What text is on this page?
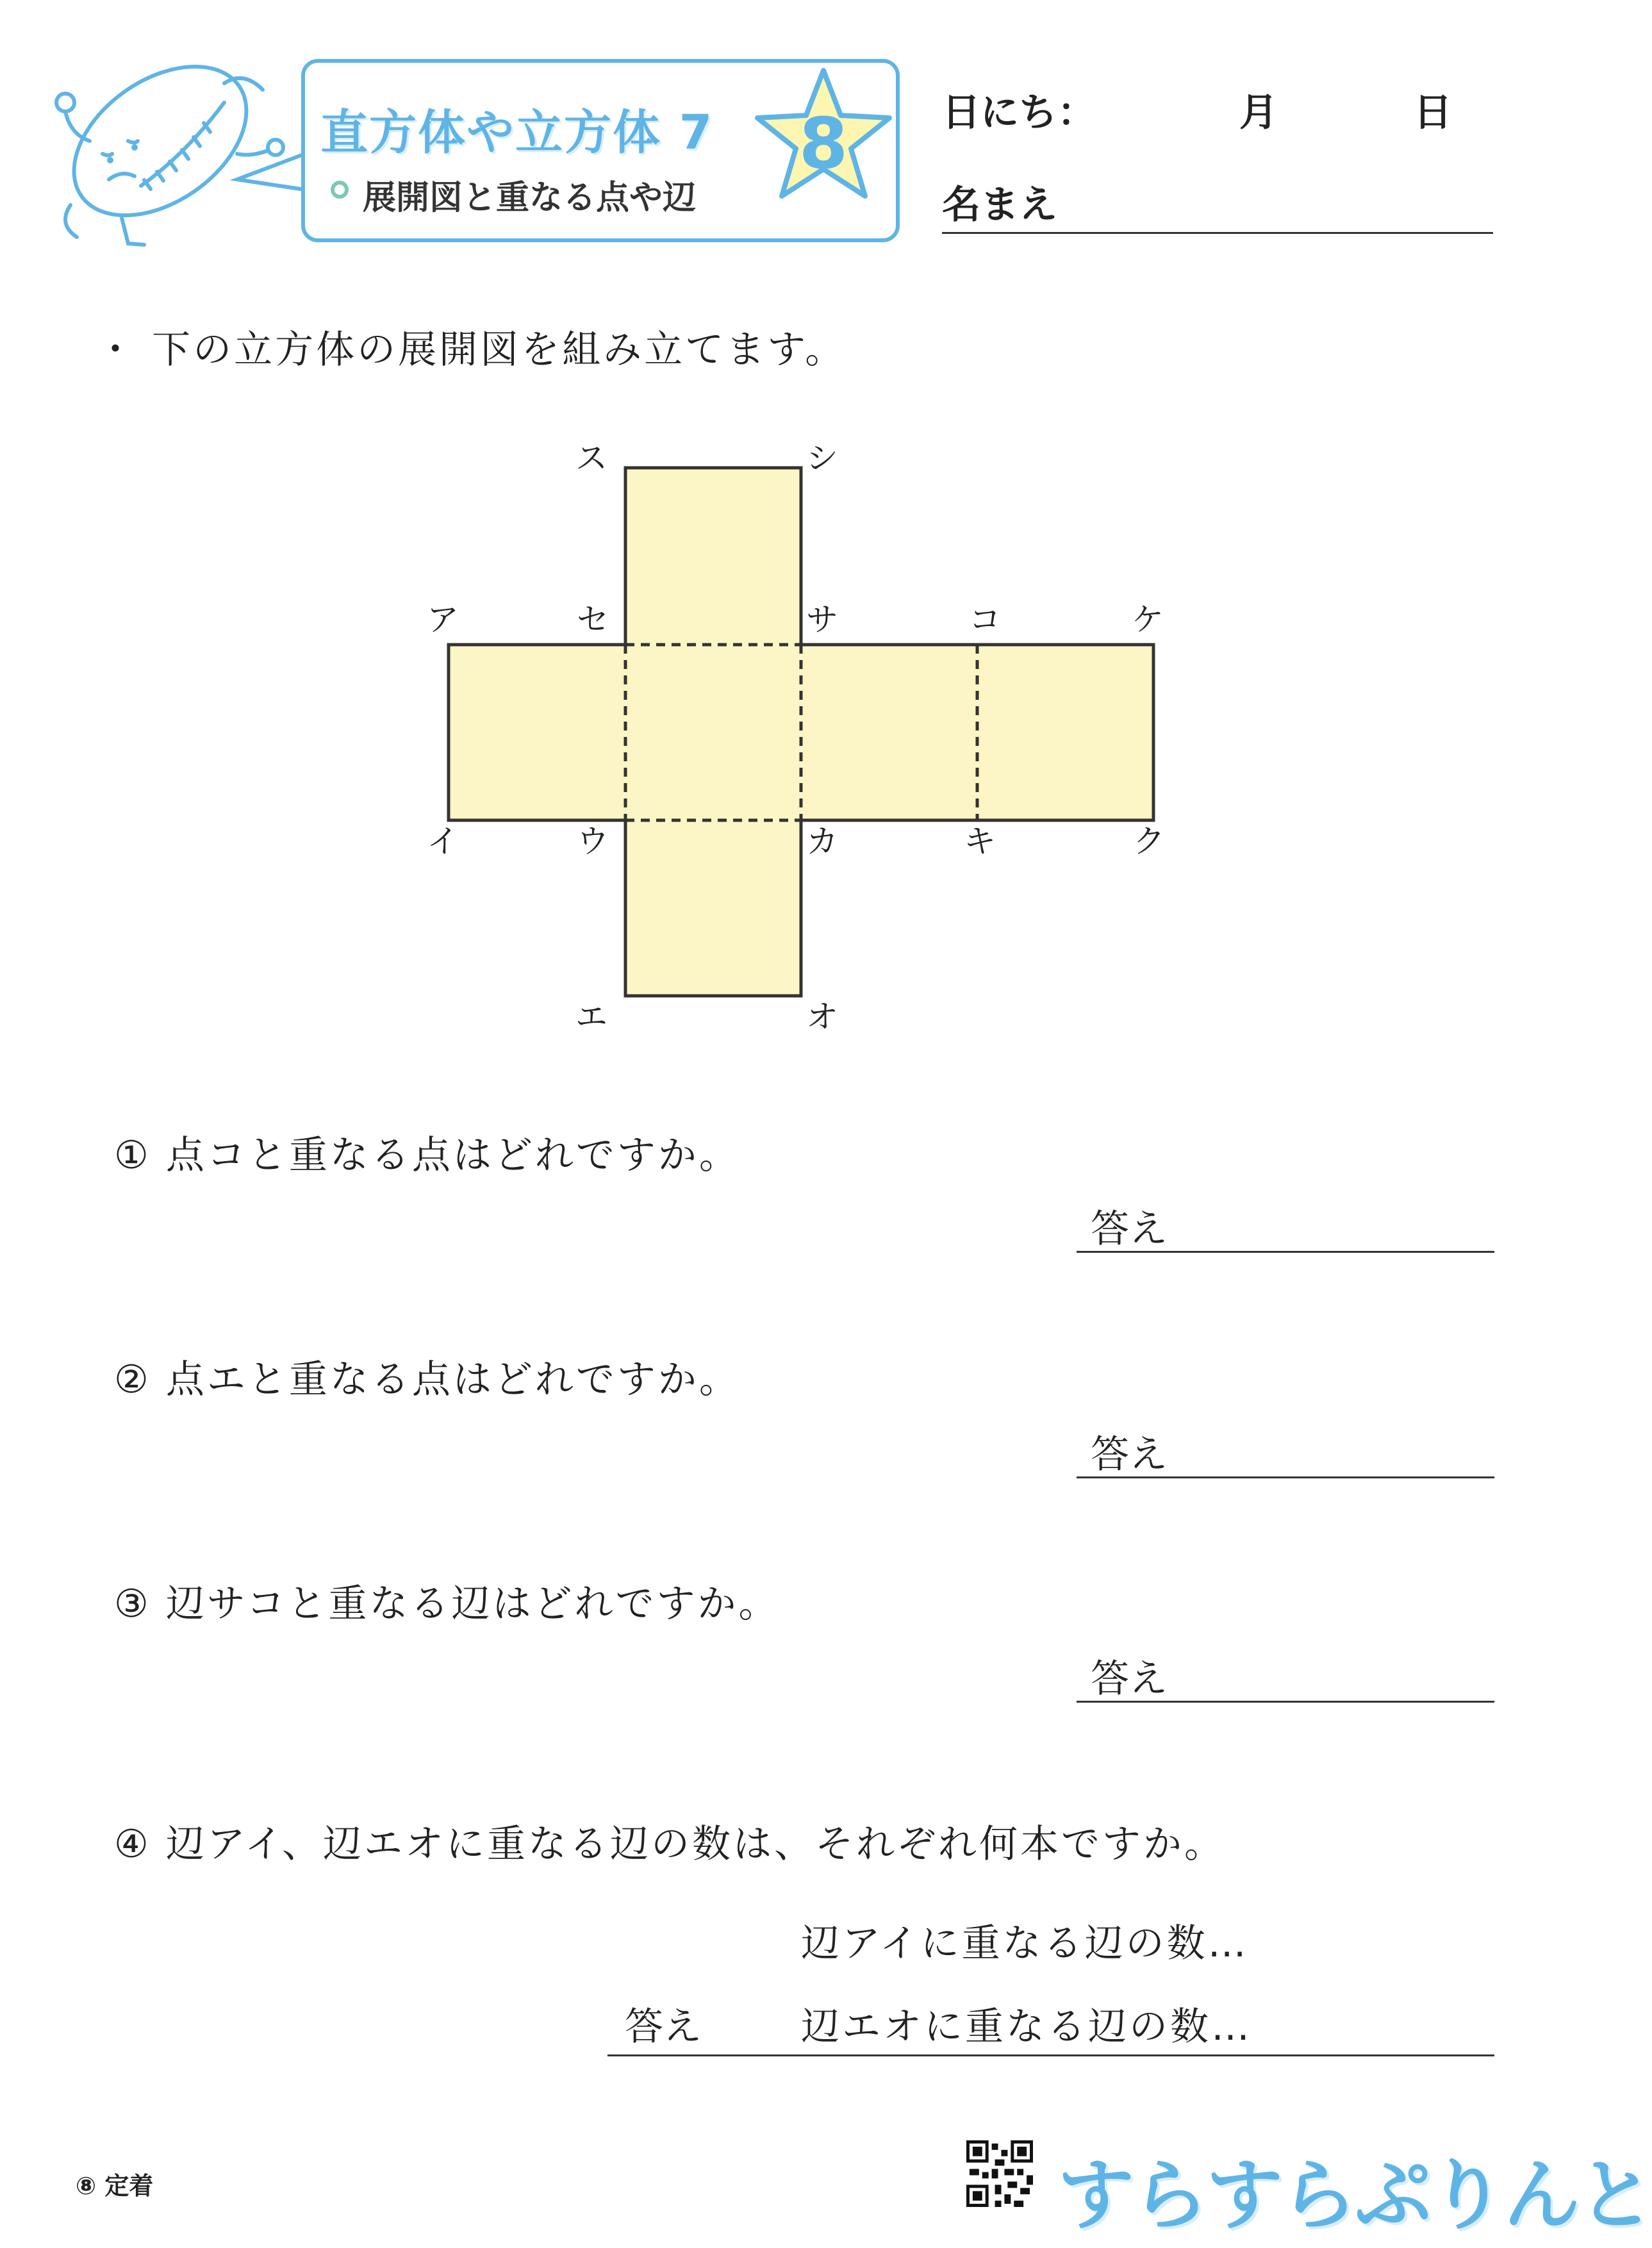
直方体や立方体 7
展開図と重なる点や辺
8	日にち：	月	日
名まえ
・ 下の立方体の展開図を組み立てます。
ス	シ
ア	セ	サ	コ	ケ
イ	ウ	カ	キ	ク
エ	オ
① 点コと重なる点はどれですか。
答え
② 点エと重なる点はどれですか。
答え
③ 辺サコと重なる辺はどれですか。
答え
④ 辺アイ、辺エオに重なる辺の数は、それぞれ何本ですか。
辺アイに重なる辺の数…
答え	辺エオに重なる辺の数…
⑧ 定着	すらすらぷりんと
